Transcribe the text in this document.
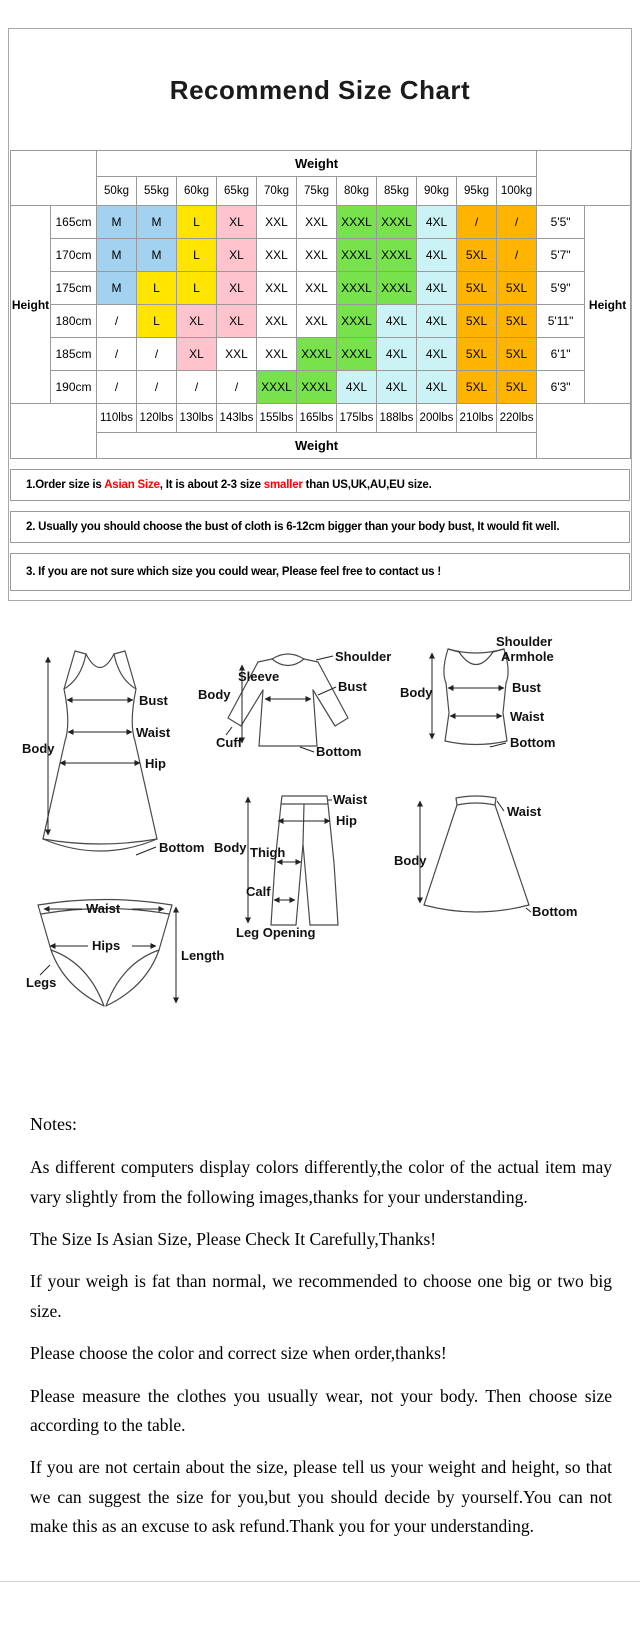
Recommend Size Chart
		Weight												
		50kg	55kg	60kg	65kg	70kg	75kg	80kg	85kg	90kg	95kg	100kg		
Height	165cm	M	M	L	XL	XXL	XXL	XXXL	XXXL	4XL	/	/	5'5"	Height
	170cm	M	M	L	XL	XXL	XXL	XXXL	XXXL	4XL	5XL	/	5'7"	
	175cm	M	L	L	XL	XXL	XXL	XXXL	XXXL	4XL	5XL	5XL	5'9"	
	180cm	/	L	XL	XL	XXL	XXL	XXXL	4XL	4XL	5XL	5XL	5'11"	
	185cm	/	/	XL	XXL	XXL	XXXL	XXXL	4XL	4XL	5XL	5XL	6'1"	
	190cm	/	/	/	/	XXXL	XXXL	4XL	4XL	4XL	5XL	5XL	6'3"	
		110lbs	120lbs	130lbs	143lbs	155lbs	165lbs	175lbs	188lbs	200lbs	210lbs	220lbs		
		Weight												
1.Order size is Asian Size, It is about 2-3 size smaller than US,UK,AU,EU size.
2. Usually you should choose the bust of cloth is 6-12cm bigger than your body bust, It would fit well.
3. If you are not sure which size you could wear, Please feel free to contact us !
Body
Bust
Waist
Hip
Bottom
Shoulder
Sleeve
Bust
Body
Cuff
Bottom
Shoulder
Armhole
Bust
Body
Waist
Bottom
Waist
Hip
Body Thigh
Calf
Leg Opening
Waist
Body
Bottom
Waist
Hips
Legs
Length

Notes:

As different computers display colors differently,the color of the actual item may vary slightly from the following images,thanks for your understanding.

The Size Is Asian Size, Please Check It Carefully,Thanks!

If your weigh is fat than normal, we recommended to choose one big or two big size.

Please choose the color and correct size when order,thanks!

Please measure the clothes you usually wear, not your body. Then choose size according to the table.

If you are not certain about the size, please tell us your weight and height, so that we can suggest the size for you,but you should decide by yourself.You can not make this as an excuse to ask refund.Thank you for your understanding.
